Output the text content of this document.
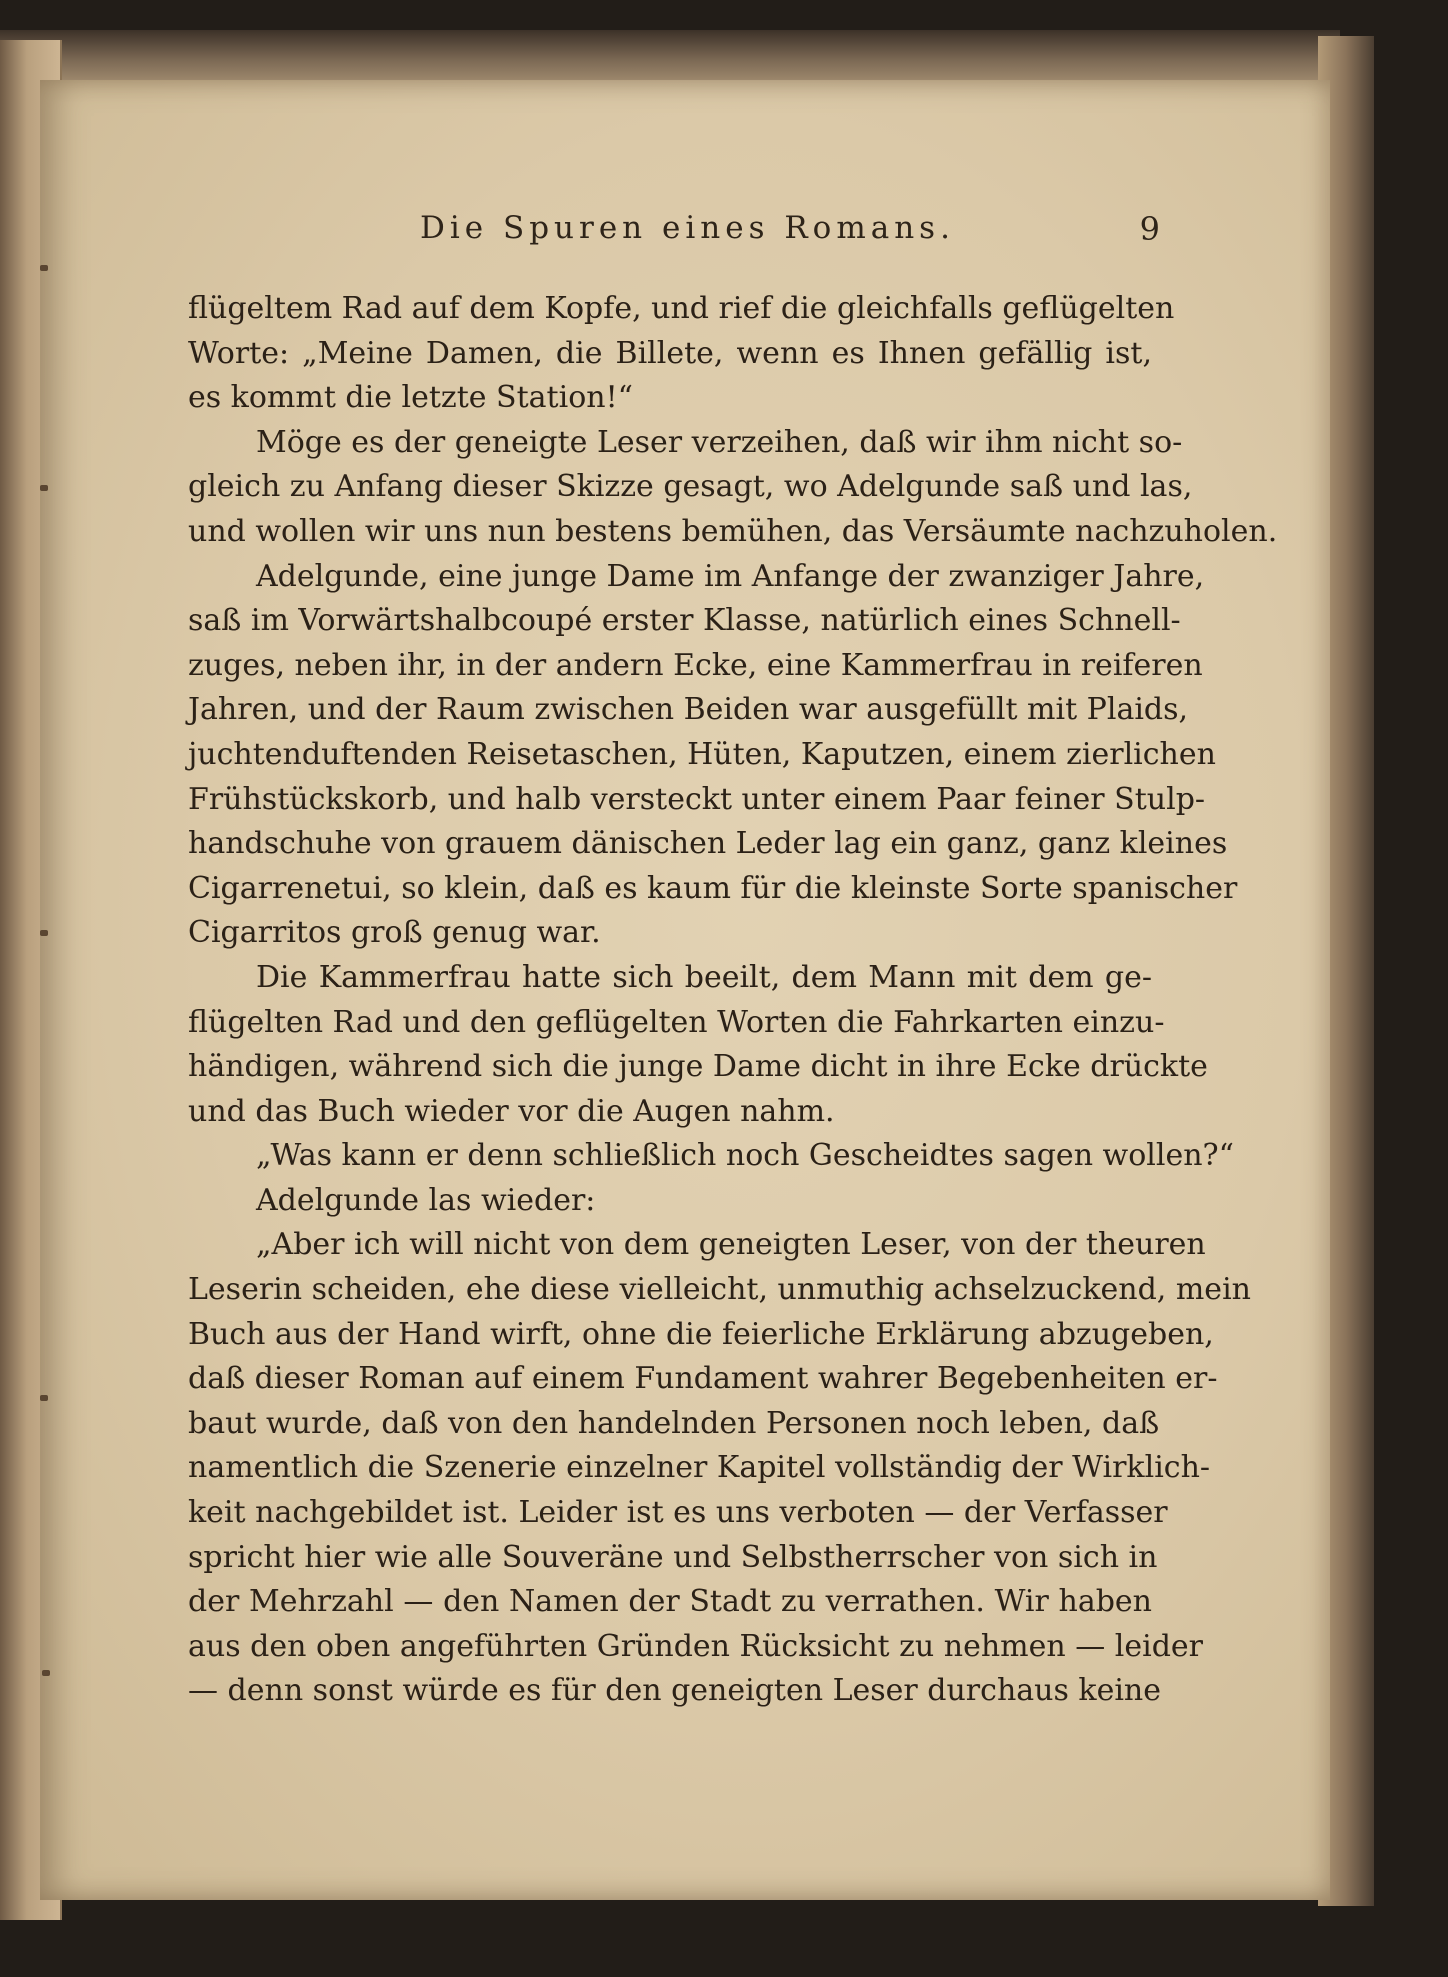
Die Spuren eines Romans.	9
flügeltem Rad auf dem Kopfe, und rief die gleichfalls geflügelten
Worte: „Meine Damen, die Billete, wenn es Ihnen gefällig ist,
es kommt die letzte Station!“
Möge es der geneigte Leser verzeihen, daß wir ihm nicht so-
gleich zu Anfang dieser Skizze gesagt, wo Adelgunde saß und las,
und wollen wir uns nun bestens bemühen, das Versäumte nachzuholen.
Adelgunde, eine junge Dame im Anfange der zwanziger Jahre,
saß im Vorwärtshalbcoupé erster Klasse, natürlich eines Schnell-
zuges, neben ihr, in der andern Ecke, eine Kammerfrau in reiferen
Jahren, und der Raum zwischen Beiden war ausgefüllt mit Plaids,
juchtenduftenden Reisetaschen, Hüten, Kaputzen, einem zierlichen
Frühstückskorb, und halb versteckt unter einem Paar feiner Stulp-
handschuhe von grauem dänischen Leder lag ein ganz, ganz kleines
Cigarrenetui, so klein, daß es kaum für die kleinste Sorte spanischer
Cigarritos groß genug war.
Die Kammerfrau hatte sich beeilt, dem Mann mit dem ge-
flügelten Rad und den geflügelten Worten die Fahrkarten einzu-
händigen, während sich die junge Dame dicht in ihre Ecke drückte
und das Buch wieder vor die Augen nahm.
„Was kann er denn schließlich noch Gescheidtes sagen wollen?“
Adelgunde las wieder:
„Aber ich will nicht von dem geneigten Leser, von der theuren
Leserin scheiden, ehe diese vielleicht, unmuthig achselzuckend, mein
Buch aus der Hand wirft, ohne die feierliche Erklärung abzugeben,
daß dieser Roman auf einem Fundament wahrer Begebenheiten er-
baut wurde, daß von den handelnden Personen noch leben, daß
namentlich die Szenerie einzelner Kapitel vollständig der Wirklich-
keit nachgebildet ist. Leider ist es uns verboten — der Verfasser
spricht hier wie alle Souveräne und Selbstherrscher von sich in
der Mehrzahl — den Namen der Stadt zu verrathen. Wir haben
aus den oben angeführten Gründen Rücksicht zu nehmen — leider
— denn sonst würde es für den geneigten Leser durchaus keine
